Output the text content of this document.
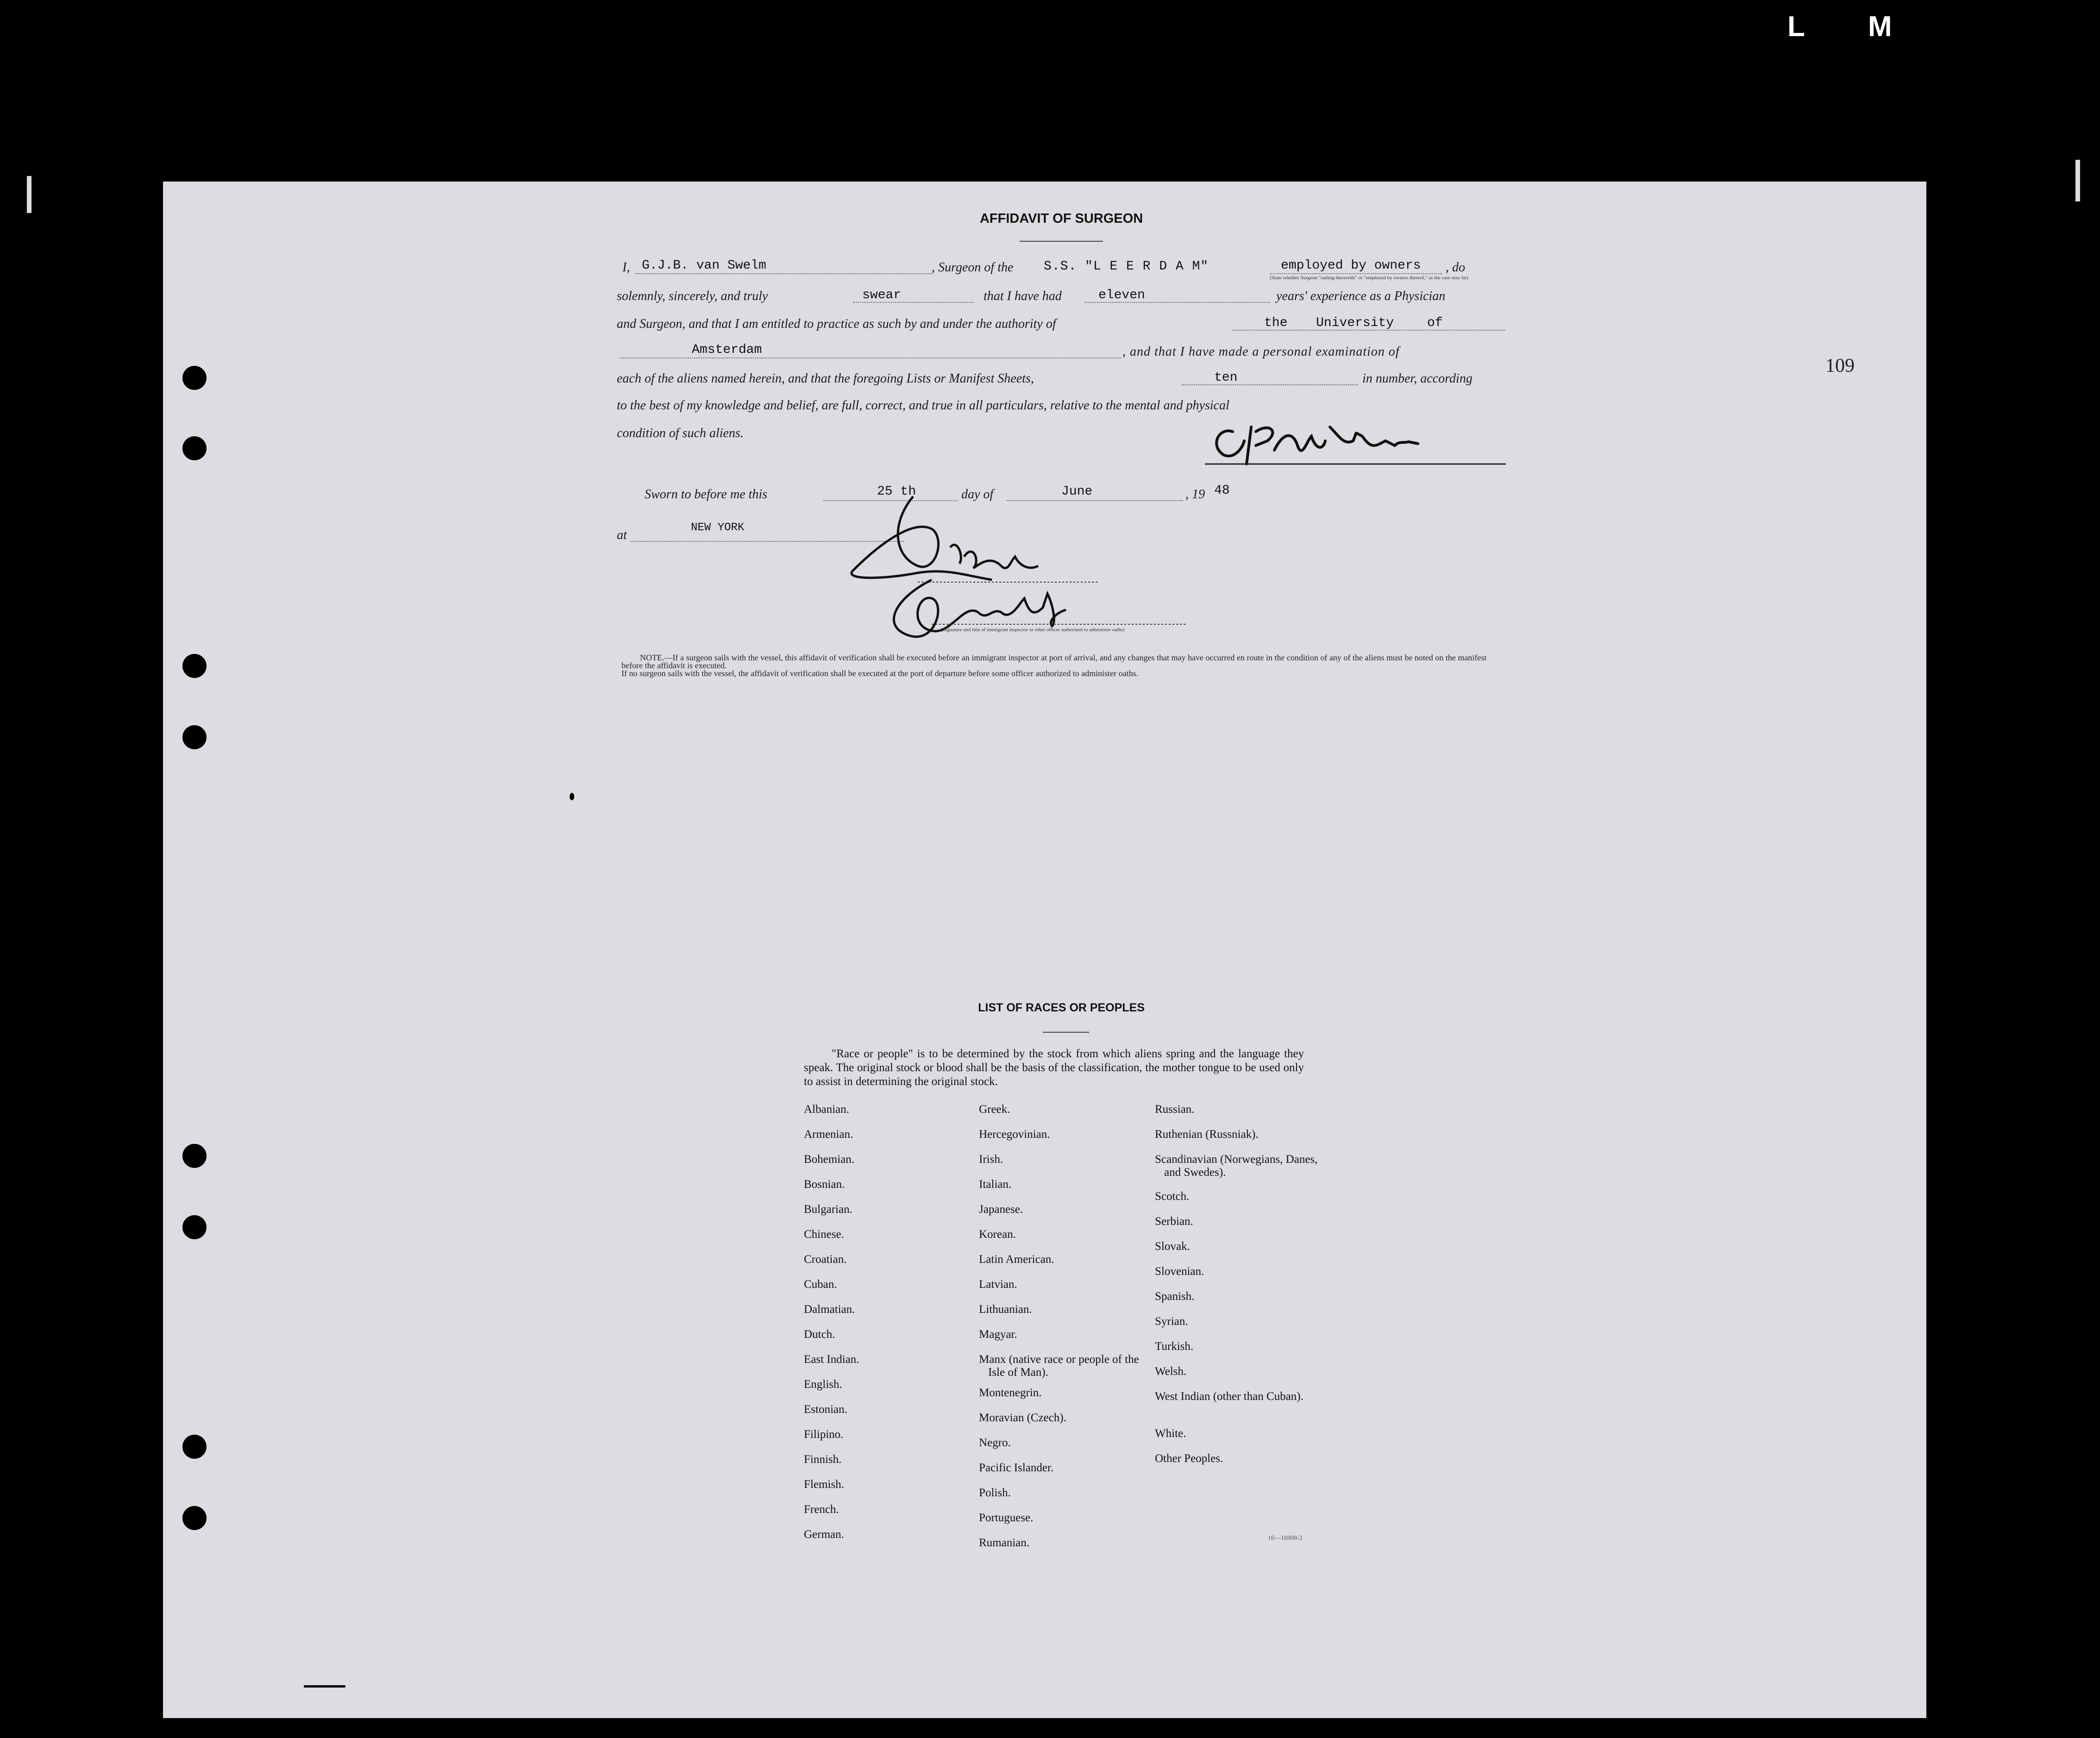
L M
109
AFFIDAVIT OF SURGEON
I, G.J.B. van Swelm	, Surgeon of the S.S. "L E E R D A M"	employed by owners , do
(State whether Surgeon "sailing therewith" or "employed by owners thereof," as the case may be)
solemnly, sincerely, and truly	swear	that I have had	eleven	years' experience as a Physician
and Surgeon, and that I am entitled to practice as such by and under the authority of	the University	of
Amsterdam	, and that I have made a personal examination of
each of the aliens named herein, and that the foregoing Lists or Manifest Sheets,	ten	in number, according
to the best of my knowledge and belief, are full, correct, and true in all particulars, relative to the mental and physical
condition of such aliens.
Sworn to before me this	25 th	day of	June	, 19 48
at
NEW YORK
(Signature and title of immigrant inspector or other officer authorized to administer oaths)
NOTE.—If a surgeon sails with the vessel, this affidavit of verification shall be executed before an immigrant inspector at port of arrival, and any changes that may have occurred en route in the condition of any of the aliens must be noted on the manifest before the affidavit is executed.
If no surgeon sails with the vessel, the affidavit of verification shall be executed at the port of departure before some officer authorized to administer oaths.
LIST OF RACES OR PEOPLES
"Race or people" is to be determined by the stock from which aliens spring and the language they speak. The original stock or blood shall be the basis of the classification, the mother tongue to be used only to assist in determining the original stock.
Albanian.
Armenian.
Bohemian.
Bosnian.
Bulgarian.
Chinese.
Croatian.
Cuban.
Dalmatian.
Dutch.
East Indian.
English.
Estonian.
Filipino.
Finnish.
Flemish.
French.
German.
Greek.
Hercegovinian.
Irish.
Italian.
Japanese.
Korean.
Latin American.
Latvian.
Lithuanian.
Magyar.
Manx (native race or people of the Isle of Man).
Montenegrin.
Moravian (Czech).
Negro.
Pacific Islander.
Polish.
Portuguese.
Rumanian.
Russian.
Ruthenian (Russniak).
Scandinavian (Norwegians, Danes, and Swedes).
Scotch.
Serbian.
Slovak.
Slovenian.
Spanish.
Syrian.
Turkish.
Welsh.
West Indian (other than Cuban).
White.
Other Peoples.
16—16908-2
